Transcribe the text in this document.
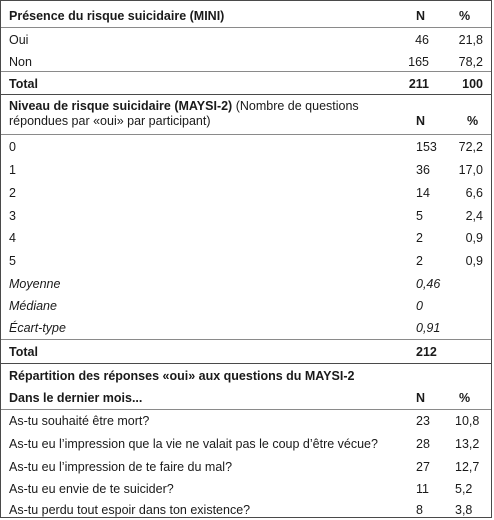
Présence du risque suicidaire (MINI)	N	%
Oui	46 21,8
Non	165 78,2
Total	211	100
Niveau de risque suicidaire (MAYSI-2) (Nombre de questions répondues par «oui» par participant)	N	%
0	153 72,2
1	36 17,0
2	14	6,6
3	5	2,4
4	2	0,9
5	2	0,9
Moyenne	0,46
Médiane	0
Écart-type	0,91
Total	212
Répartition des réponses «oui» aux questions du MAYSI-2
Dans le dernier mois...	N	%
As-tu souhaité être mort?	23 10,8
As-tu eu l’impression que la vie ne valait pas le coup d’être vécue?	28 13,2
As-tu eu l’impression de te faire du mal?	27 12,7
As-tu eu envie de te suicider?	11 5,2
As-tu perdu tout espoir dans ton existence?	8	3,8
